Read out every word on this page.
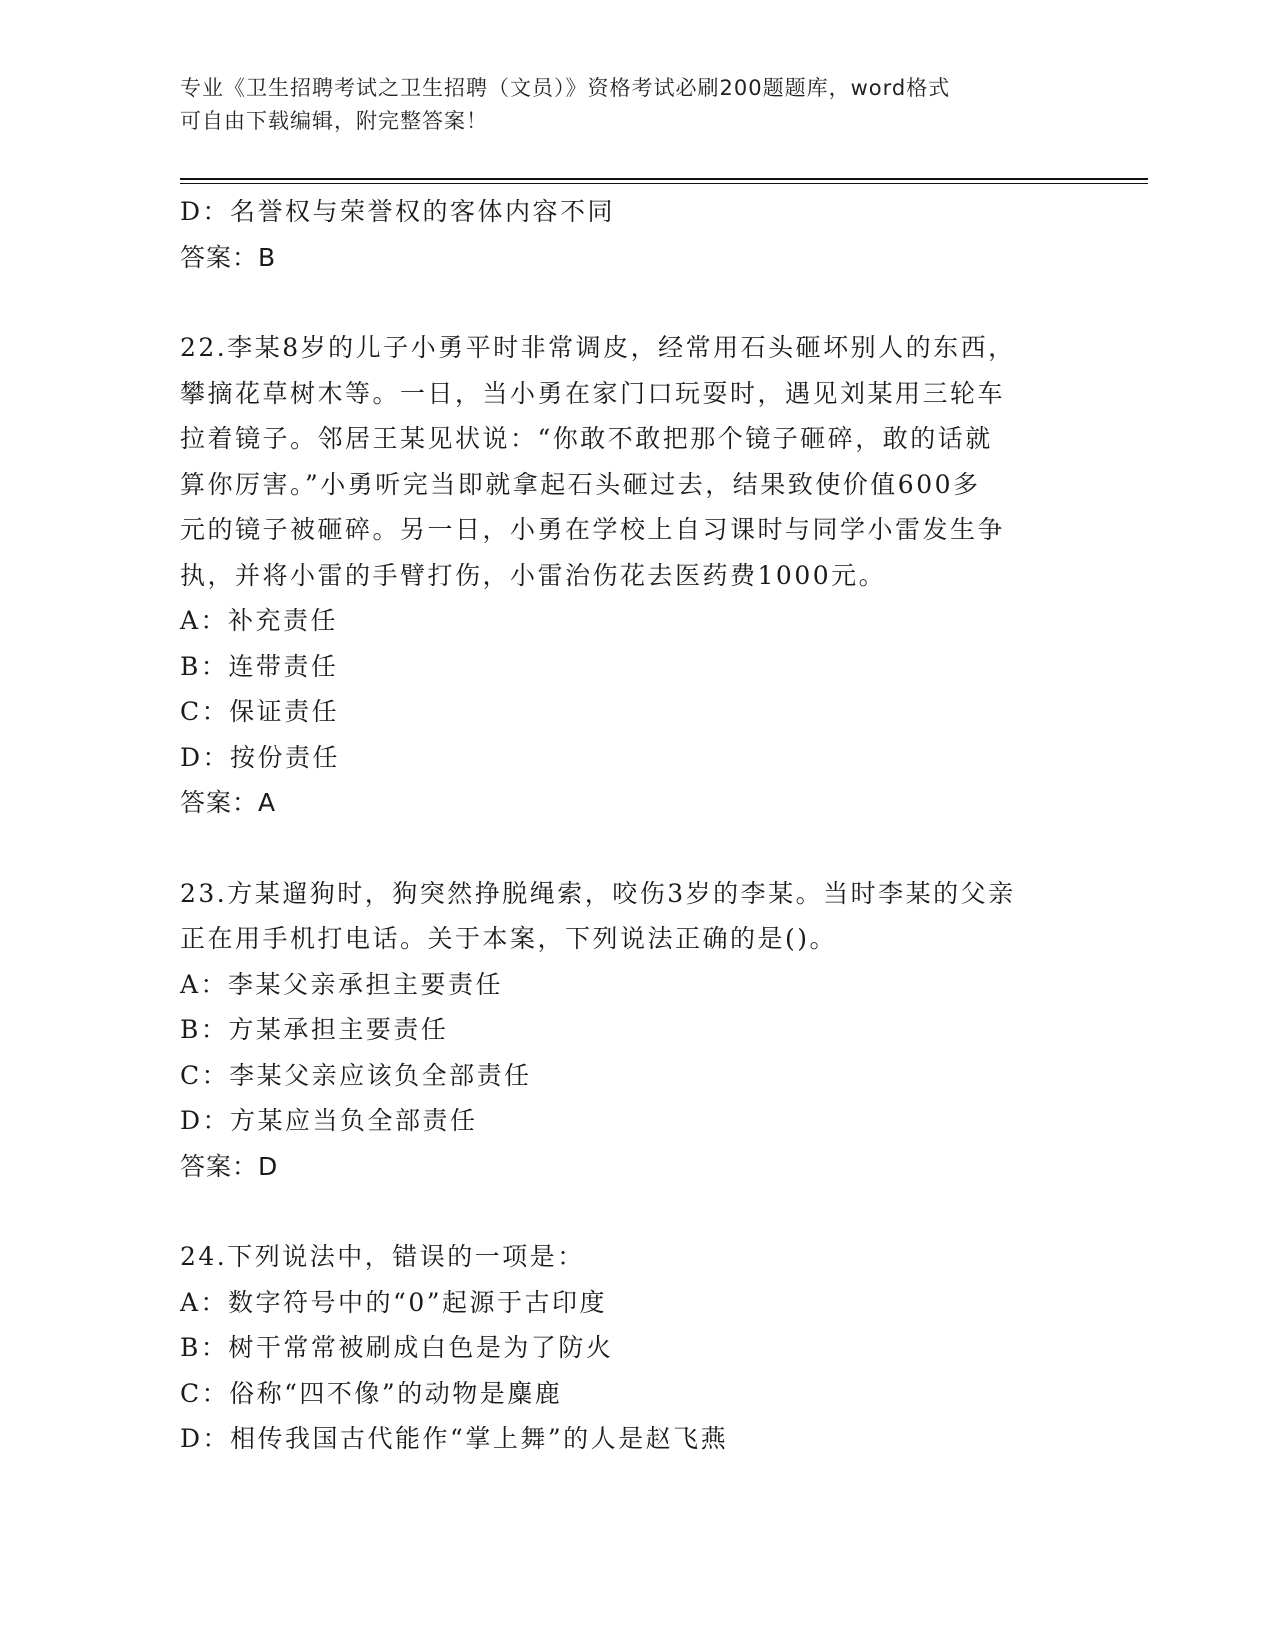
专业《卫生招聘考试之卫生招聘（文员）》资格考试必刷200题题库，word格式
可自由下载编辑，附完整答案！
D：名誉权与荣誉权的客体内容不同
答案：B
22.李某8岁的儿子小勇平时非常调皮，经常用石头砸坏别人的东西，
攀摘花草树木等。一日，当小勇在家门口玩耍时，遇见刘某用三轮车
拉着镜子。邻居王某见状说：“你敢不敢把那个镜子砸碎，敢的话就
算你厉害。”小勇听完当即就拿起石头砸过去，结果致使价值600多
元的镜子被砸碎。另一日，小勇在学校上自习课时与同学小雷发生争
执，并将小雷的手臂打伤，小雷治伤花去医药费1000元。
A：补充责任
B：连带责任
C：保证责任
D：按份责任
答案：A
23.方某遛狗时，狗突然挣脱绳索，咬伤3岁的李某。当时李某的父亲
正在用手机打电话。关于本案，下列说法正确的是()。
A：李某父亲承担主要责任
B：方某承担主要责任
C：李某父亲应该负全部责任
D：方某应当负全部责任
答案：D
24.下列说法中，错误的一项是：
A：数字符号中的“0”起源于古印度
B：树干常常被刷成白色是为了防火
C：俗称“四不像”的动物是麋鹿
D：相传我国古代能作“掌上舞”的人是赵飞燕
